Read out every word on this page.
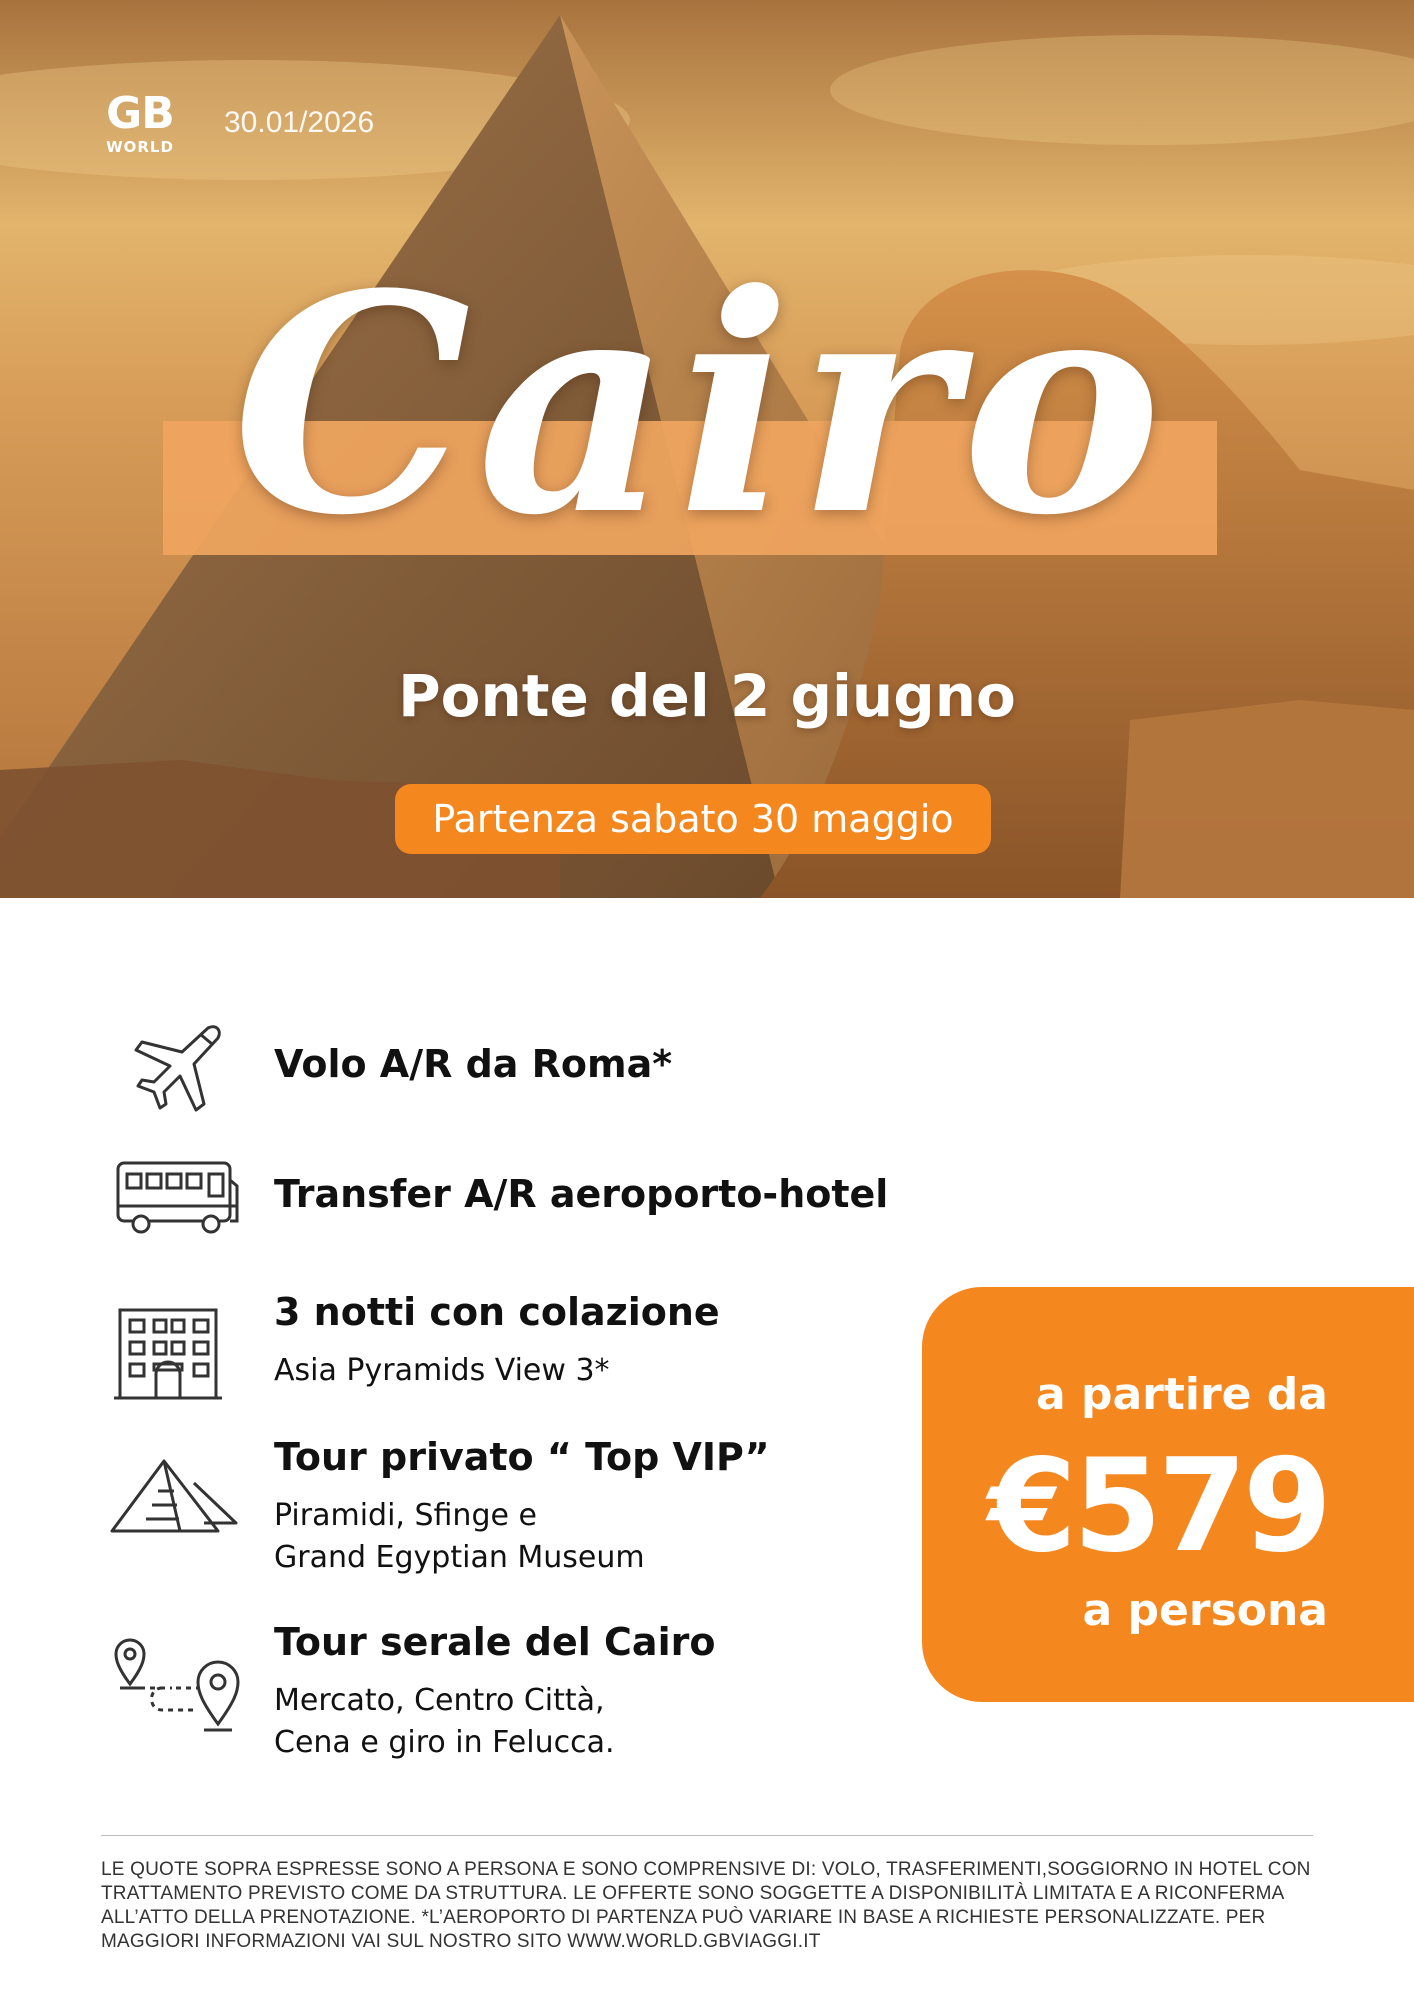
GB
WORLD
30.01/2026
Cairo
Ponte del 2 giugno
Partenza sabato 30 maggio
Volo A/R da Roma*
Transfer A/R aeroporto-hotel
3 notti con colazione
Asia Pyramids View 3*
Tour privato “ Top VIP”
Piramidi, Sfinge e
Grand Egyptian Museum
Tour serale del Cairo
Mercato, Centro Città,
Cena e giro in Felucca.
a partire da
€579
a persona
LE QUOTE SOPRA ESPRESSE SONO A PERSONA E SONO COMPRENSIVE DI: VOLO, TRASFERIMENTI,SOGGIORNO IN HOTEL CON TRATTAMENTO PREVISTO COME DA STRUTTURA. LE OFFERTE SONO SOGGETTE A DISPONIBILITÀ LIMITATA E A RICONFERMA ALL’ATTO DELLA PRENOTAZIONE. *L’AEROPORTO DI PARTENZA PUÒ VARIARE IN BASE A RICHIESTE PERSONALIZZATE. PER MAGGIORI INFORMAZIONI VAI SUL NOSTRO SITO WWW.WORLD.GBVIAGGI.IT
